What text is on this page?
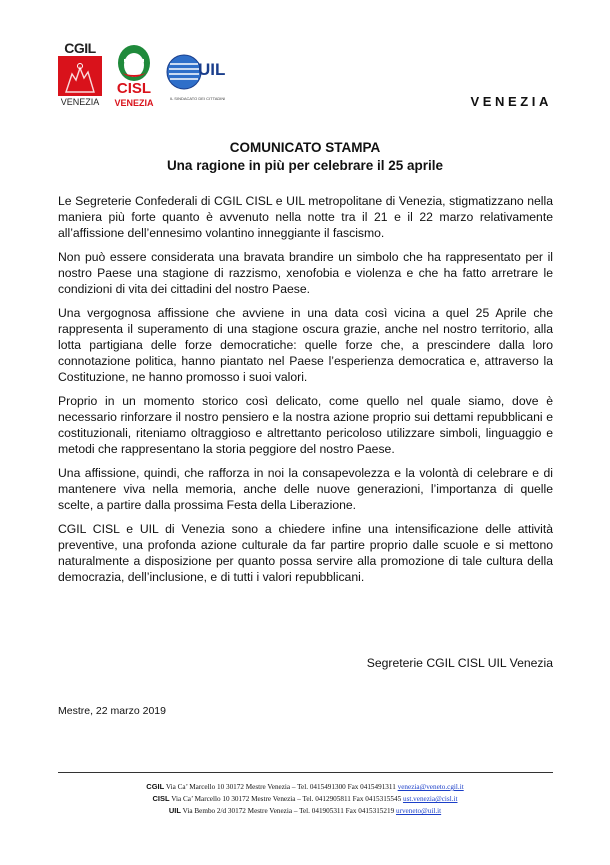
CGIL
VENEZIA
CISL
VENEZIA
UIL
IL SINDACATO DEI CITTADINI	VENEZIA
COMUNICATO STAMPA
Una ragione in più per celebrare il 25 aprile

Le Segreterie Confederali di CGIL CISL e UIL metropolitane di Venezia, stigmatizzano nella maniera più forte quanto è avvenuto nella notte tra il 21 e il 22 marzo relativamente all’affissione dell’ennesimo volantino inneggiante il fascismo.

Non può essere considerata una bravata brandire un simbolo che ha rappresentato per il nostro Paese una stagione di razzismo, xenofobia e violenza e che ha fatto arretrare le condizioni di vita dei cittadini del nostro Paese.

Una vergognosa affissione che avviene in una data così vicina a quel 25 Aprile che rappresenta il superamento di una stagione oscura grazie, anche nel nostro territorio, alla lotta partigiana delle forze democratiche: quelle forze che, a prescindere dalla loro connotazione politica, hanno piantato nel Paese l’esperienza democratica e, attraverso la Costituzione, ne hanno promosso i suoi valori.

Proprio in un momento storico così delicato, come quello nel quale siamo, dove è necessario rinforzare il nostro pensiero e la nostra azione proprio sui dettami repubblicani e costituzionali, riteniamo oltraggioso e altrettanto pericoloso utilizzare simboli, linguaggio e metodi che rappresentano la storia peggiore del nostro Paese.

Una affissione, quindi, che rafforza in noi la consapevolezza e la volontà di celebrare e di mantenere viva nella memoria, anche delle nuove generazioni, l’importanza di quelle scelte, a partire dalla prossima Festa della Liberazione.

CGIL CISL e UIL di Venezia sono a chiedere infine una intensificazione delle attività preventive, una profonda azione culturale da far partire proprio dalle scuole e si mettono naturalmente a disposizione per quanto possa servire alla promozione di tale cultura della democrazia, dell’inclusione, e di tutti i valori repubblicani.

Segreterie CGIL CISL UIL Venezia
Mestre, 22 marzo 2019
CGIL Via Ca’ Marcello 10 30172 Mestre Venezia – Tel. 0415491300 Fax 0415491311 venezia@veneto.cgil.it
CISL Via Ca’ Marcello 10 30172 Mestre Venezia – Tel. 0412905811 Fax 0415315545 ust.venezia@cisl.it
UIL Via Bembo 2/d 30172 Mestre Venezia – Tel. 041905311 Fax 0415315219 urveneto@uil.it
